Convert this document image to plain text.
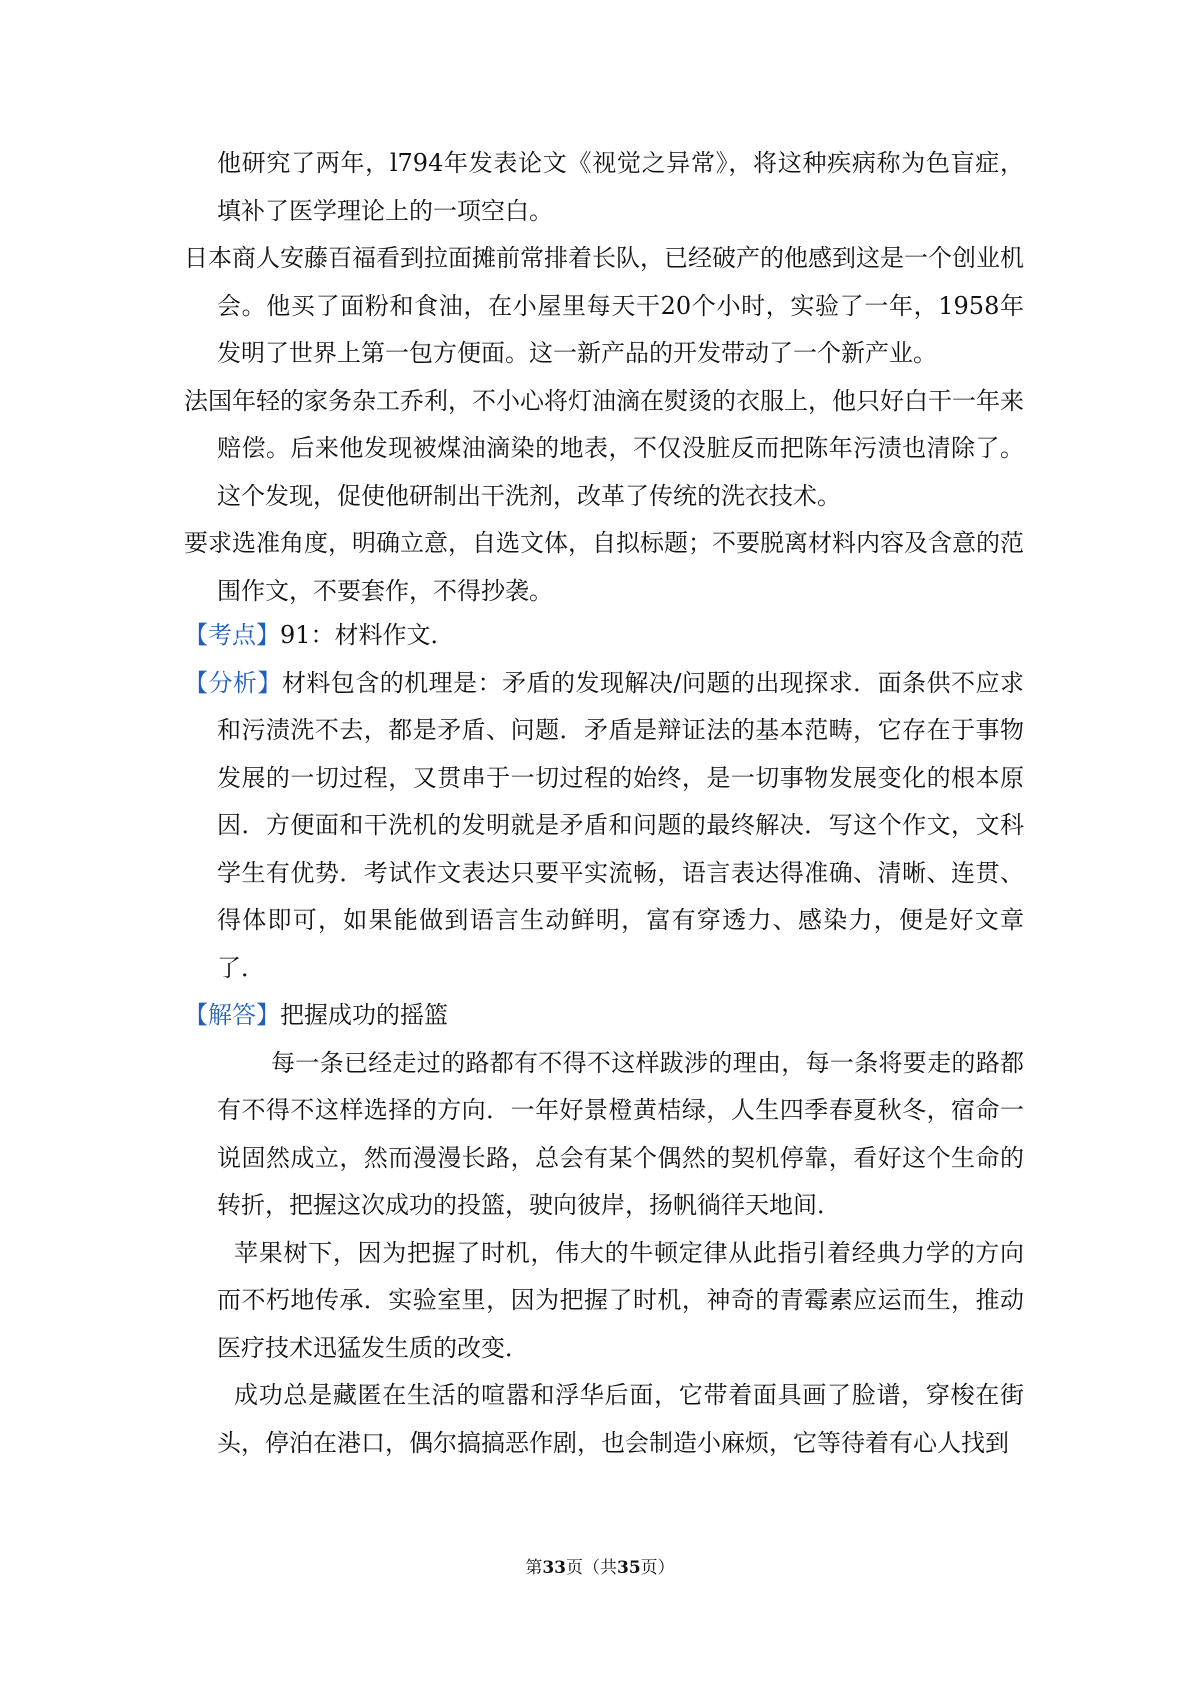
他研究了两年，l794年发表论文《视觉之异常》，将这种疾病称为色盲症，填补了医学理论上的一项空白。

日本商人安藤百福看到拉面摊前常排着长队，已经破产的他感到这是一个创业机会。他买了面粉和食油，在小屋里每天干20个小时，实验了一年，1958年发明了世界上第一包方便面。这一新产品的开发带动了一个新产业。

法国年轻的家务杂工乔利，不小心将灯油滴在熨烫的衣服上，他只好白干一年来赔偿。后来他发现被煤油滴染的地表，不仅没脏反而把陈年污渍也清除了。这个发现，促使他研制出干洗剂，改革了传统的洗衣技术。

要求选准角度，明确立意，自选文体，自拟标题；不要脱离材料内容及含意的范围作文，不要套作，不得抄袭。

【考点】91：材料作文．

【分析】材料包含的机理是：矛盾的发现解决/问题的出现探求．面条供不应求和污渍洗不去，都是矛盾、问题．矛盾是辩证法的基本范畴，它存在于事物发展的一切过程，又贯串于一切过程的始终，是一切事物发展变化的根本原因．方便面和干洗机的发明就是矛盾和问题的最终解决．写这个作文，文科学生有优势．考试作文表达只要平实流畅，语言表达得准确、清晰、连贯、得体即可，如果能做到语言生动鲜明，富有穿透力、感染力，便是好文章了．

【解答】把握成功的摇篮

每一条已经走过的路都有不得不这样跋涉的理由，每一条将要走的路都有不得不这样选择的方向．一年好景橙黄桔绿，人生四季春夏秋冬，宿命一说固然成立，然而漫漫长路，总会有某个偶然的契机停靠，看好这个生命的转折，把握这次成功的投篮，驶向彼岸，扬帆徜徉天地间．

苹果树下，因为把握了时机，伟大的牛顿定律从此指引着经典力学的方向而不朽地传承．实验室里，因为把握了时机，神奇的青霉素应运而生，推动医疗技术迅猛发生质的改变．

成功总是藏匿在生活的喧嚣和浮华后面，它带着面具画了脸谱，穿梭在街头，停泊在港口，偶尔搞搞恶作剧，也会制造小麻烦，它等待着有心人找到

第33页（共35页）
